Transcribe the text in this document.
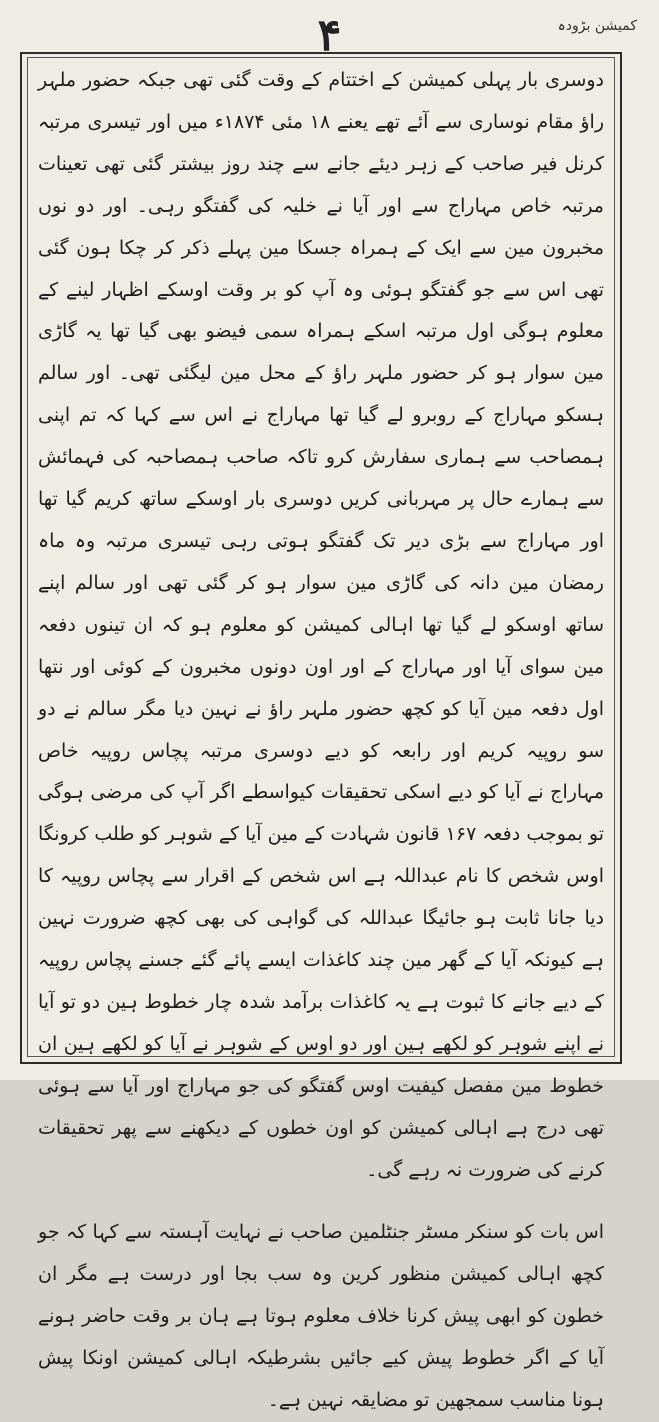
۴	کمیشن بڑودہ

دوسری بار پہلی کمیشن کے اختتام کے وقت گئی تھی جبکہ حضور ملہر راؤ مقام نوساری سے آئے تھے یعنے ۱۸ مئی ۱۸۷۴ء میں اور تیسری مرتبہ کرنل فیر صاحب کے زہر دیئے جانے سے چند روز بیشتر گئی تھی تعینات مرتبہ خاص مہاراج سے اور آیا نے خلیہ کی گفتگو رہی۔ اور دو نوں مخبرون مین سے ایک کے ہمراہ جسکا مین پہلے ذکر کر چکا ہون گئی تھی اس سے جو گفتگو ہوئی وہ آپ کو بر وقت اوسکے اظہار لینے کے معلوم ہوگی اول مرتبہ اسکے ہمراہ سمی فیضو بھی گیا تھا یہ گاڑی مین سوار ہو کر حضور ملہر راؤ کے محل مین لیگئی تھی۔ اور سالم ہسکو مہاراج کے روبرو لے گیا تھا مہاراج نے اس سے کہا کہ تم اپنی ہمصاحب سے ہماری سفارش کرو تاکہ صاحب ہمصاحبہ کی فہمائش سے ہمارے حال پر مہربانی کریں دوسری بار اوسکے ساتھ کریم گیا تھا اور مہاراج سے بڑی دیر تک گفتگو ہوتی رہی تیسری مرتبہ وہ ماہ رمضان مین دانہ کی گاڑی مین سوار ہو کر گئی تھی اور سالم اپنے ساتھ اوسکو لے گیا تھا اہالی کمیشن کو معلوم ہو کہ ان تینوں دفعہ مین سوای آیا اور مہاراج کے اور اون دونوں مخبرون کے کوئی اور نتھا اول دفعہ مین آیا کو کچھ حضور ملہر راؤ نے نہین دیا مگر سالم نے دو سو روپیہ کریم اور رابعہ کو دیے دوسری مرتبہ پچاس روپیہ خاص مہاراج نے آیا کو دیے اسکی تحقیقات کیواسطے اگر آپ کی مرضی ہوگی تو بموجب دفعہ ۱۶۷ قانون شہادت کے مین آیا کے شوہر کو طلب کرونگا اوس شخص کا نام عبداللہ ہے اس شخص کے اقرار سے پچاس روپیہ کا دیا جانا ثابت ہو جائیگا عبداللہ کی گواہی کی بھی کچھ ضرورت نہین ہے کیونکہ آیا کے گھر مین چند کاغذات ایسے پائے گئے جسنے پچاس روپیہ کے دیے جانے کا ثبوت ہے یہ کاغذات برآمد شدہ چار خطوط ہین دو تو آیا نے اپنے شوہر کو لکھے ہین اور دو اوس کے شوہر نے آیا کو لکھے ہین ان خطوط مین مفصل کیفیت اوس گفتگو کی جو مہاراج اور آیا سے ہوئی تھی درج ہے اہالی کمیشن کو اون خطوں کے دیکھنے سے پھر تحقیقات کرنے کی ضرورت نہ رہے گی۔

اس بات کو سنکر مسٹر جنٹلمین صاحب نے نہایت آہستہ سے کہا کہ جو کچھ اہالی کمیشن منظور کرین وہ سب بجا اور درست ہے مگر ان خطون کو ابھی پیش کرنا خلاف معلوم ہوتا ہے ہان بر وقت حاضر ہونے آیا کے اگر خطوط پیش کیے جائیں بشرطیکہ اہالی کمیشن اونکا پیش ہونا مناسب سمجھین تو مضایقہ نہین ہے۔
